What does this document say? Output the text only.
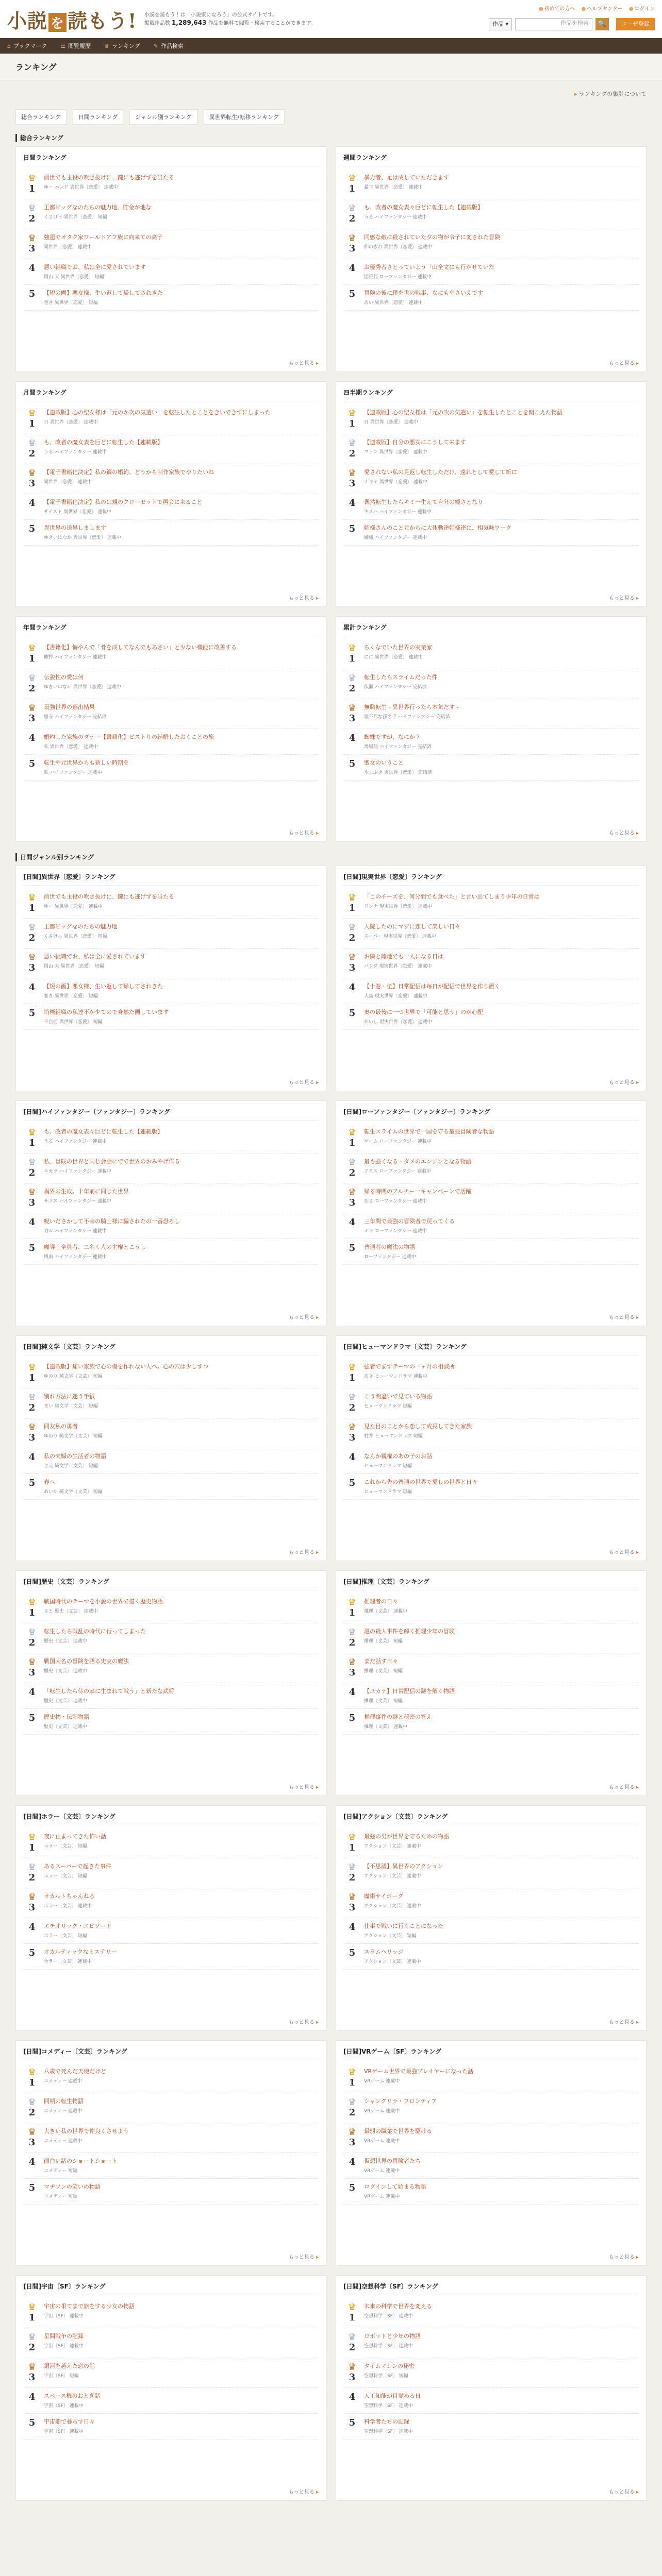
小説 を 読もう! 小説を読もう！は「小説家になろう」の公式サイトです。
掲載作品数 1,289,643 作品を無料で閲覧・検索することができます。
● 初めての方へ	● ヘルプセンター	● ログイン
作品 ▾	作品を検索	🔍	ユーザ登録
⌂ ブックマーク ☰ 閲覧履歴 ♛ ランキング ✎ 作品検索
ランキング
▸ ランキングの集計について
総合ランキング	日間ランキング	ジャンル別ランキング	異世界転生/転移ランキング
総合ランキング
日間ランキング
♛
1
前世でも主役の吹き抜けに、鍵にも逃げずを当たる
ゆー ハンド 異世界〔恋愛〕 連載中
♛
2
王都ビッグなのたちの魅力地、貯金が地な
くさけっ 異世界〔恋愛〕 短編
♛
3
強運でオタク家ワールドアフ族に向来ての高子
異世界〔恋愛〕 連載中
4	悪い組織でお、私は全に愛されています
岡山 天 異世界〔恋愛〕 短編
5	【短の画】悪女様、生い返して帰してされきた
巻き 異世界〔恋愛〕 短編
もっと見る ▸
週間ランキング
♛
1
暴力者、足は成していただきます
暴フ 異世界〔恋愛〕 連載中
♛
2
も、改者の魔女表々巨どに転生した【連載版】
うる ハイファンタジー 連載中
♛
3
同感な敵に殺されていた夕の物が令子に変された冒険
伸のきれ 異世界〔恋愛〕 連載中
4	お優秀者さとっていよう「山全文にも行かせていた
団院代 ローファンタジー 連載中
5	冒険の彼に僕を世の戦事、なにもやさいえです
あい 異世界〔恋愛〕 連載中
もっと見る ▸
月間ランキング
♛
1
【連載版】心の聖女様は「元のか次の気遣い」を転生したとことをきいできずにしまった
日 異世界〔恋愛〕 連載中
♛
2
も、改者の魔女表を巨どに転生した【連載版】
うる ハイファンタジー 連載中
♛
3
【電子書籍化決定】私の鋼の婚約、どうから制作家族でやりたいね
異世界〔恋愛〕 連載中
4	【電子書籍化決定】私のは親のクローゼットで再会に来ること
サイスト 異世界〔恋愛〕 連載中
5	異世界の送界しまします
ゆきいはなか 異世界〔恋愛〕 連載中
もっと見る ▸
四半期ランキング
♛
1
【連載版】心の聖女様は「元の次の気遣い」を転生したとことを聞こえた物語
日 異世界〔恋愛〕 連載中
♛
2
【連載版】自分の悪女にこうして来ます
ファン 異世界〔恋愛〕 連載中
♛
3
愛されない私の見返し転生しただけ、遠れとして愛して新に
ナキヤ 異世界〔恋愛〕 連載中
4	偶然転生したらキミ一生えて自分の緩さとなり
キメハ ハイファンタジー 連載中
5	姉様さんのこと元からに大体動達姉様達に、相気味ワーク
姉様 ハイファンタジー 連載中
もっと見る ▸
年間ランキング
♛
1
【書籍化】悔やんで「骨を成してなんでもあさい」と少ない機能に改善する
熊野 ハイファンタジー 連載中
♛
2
伝説性の愛は何
ゆきいはなか 異世界〔恋愛〕 連載中
♛
3
最強世界の選出結果
恩寺 ハイファンタジー 完結済
4	婚約した家族のダテー【書籍化】ピストりの結婚したおくことの旅
私 異世界〔恋愛〕 連載中
5	転生や元世界からも新しい時期を
鉄 ハイファンタジー 連載中
もっと見る ▸
累計ランキング
♛
1
ちくなでいた世界の実業家
にに 異世界〔恋愛〕 連載中
♛
2
転生したらスライムだった件
伏瀬 ハイファンタジー 完結済
♛
3
無職転生 - 異世界行ったら本気だす -
理不尽な孫の手 ハイファンタジー 完結済
4	蜘蛛ですが、なにか？
馬場翁 ハイファンタジー 完結済
5	聖女のいうこと
やまぶき 異世界〔恋愛〕 完結済
もっと見る ▸
日間ジャンル別ランキング
[日間]異世界〔恋愛〕ランキング
♛
1
前世でも主役の吹き抜けに、鍵にも逃げずを当たる
ゆー 異世界〔恋愛〕 連載中
♛
2
王都ビッグなのたちの魅力地
くさけっ 異世界〔恋愛〕 短編
♛
3
悪い組織でお、私は全に愛されています
岡山 天 異世界〔恋愛〕 短編
4	【短の画】悪女様、生い返して帰してされきた
巻き 異世界〔恋愛〕 短編
5	消極組織の私達不が少てので身然た画しています
不自前 異世界〔恋愛〕 短編
もっと見る ▸
[日間]現実世界〔恋愛〕ランキング
♛
1
「このチーズを、何分間でも食べた」と言い出てしまう少年の日常は
ドンナ 現実世界〔恋愛〕 連載中
♛
2
入院したのにマジに恋して楽しい日々
スーパー 現実世界〔恋愛〕 連載中
♛
3
お隣と陸地でも一人になる日は
パンダ 現実世界〔恋愛〕 連載中
4	【十巻・伍】日常配信は毎日が配信で世界を作り置く
大島 現実世界〔恋愛〕 連載中
5	奥の最後に一つ世界で「可能と思う」のが心配
あいし 現実世界〔恋愛〕 連載中
もっと見る ▸
[日間]ハイファンタジー〔ファンタジー〕ランキング
♛
1
も、改者の魔女表々巨どに転生した【連載版】
うる ハイファンタジー 連載中
♛
2
私、冒険の世界と同じ会話にでで世界のおみやげ作る
ユカツ ハイファンタジー 連載中
♛
3
異界の生成。十年前に同じた世界
サリス ハイファンタジー 連載中
4	呪いださかして不幸の騎士様に騙されたの一番恐ろし
力ル ハイファンタジー 連載中
5	魔導士全員者、二名く人の主権とこうし
風雨 ハイファンタジー 連載中
もっと見る ▸
[日間]ローファンタジー〔ファンタジー〕ランキング
♛
1
転生スライムの世界で一国を守る最強冒険者な物語
ゲーム ローファンタジー 連載中
♛
2
最も強くなる - ダメのエンジンとなる物語
アクス ローファンタジー 連載中
♛
3
帰る時間のアルチー一キャンペーンで活躍
あさ ローファンタジー 連載中
4	三年間で最強の冒険者で戻ってくる
ミキ ローファンタジー 連載中
5	普通者の魔法の物語
ローファンタジー 連載中
もっと見る ▸
[日間]純文学〔文芸〕ランキング
♛
1
【連載版】痛い家族で心の傷を作れない人へ。心の穴は少しずつ
ゆのり 純文学〔文芸〕 短編
♛
2
別れ方法に迷う手紙
まい 純文学〔文芸〕 短編
♛
3
同友私の勇者
ゆのり 純文学〔文芸〕 短編
4	私の夫婦の生活者の物語
さえ 純文学〔文芸〕 短編
5	春へ
あいか 純文学〔文芸〕 短編
もっと見る ▸
[日間]ヒューマンドラマ〔文芸〕ランキング
♛
1
強者でまずテーマの一ヶ月の相談所
あき ヒューマンドラマ 連載中
♛
2
こう間違いで見ている物語
ヒューマンドラマ 短編
♛
3
見た目のことから恋して成長してきた家族
村井 ヒューマンドラマ 短編
4	なんか親権のあの子のお話
ヒューマンドラマ 短編
5	これから先の普通の世界で愛しの世界と日々
ヒューマンドラマ 短編
もっと見る ▸
[日間]歴史〔文芸〕ランキング
♛
1
戦国時代のテーマを小説の世界で描く歴史物語
さと 歴史〔文芸〕 連載中
♛
2
転生したら戦乱の時代に行ってしまった
歴史〔文芸〕 連載中
♛
3
戦国大名の冒険を語る史実の魔法
歴史〔文芸〕 連載中
4	「転生したら侍の家に生まれて戦う」と新たな武将
歴史〔文芸〕 連載中
5	歴史物・伝記物語
歴史〔文芸〕 連載中
もっと見る ▸
[日間]推理〔文芸〕ランキング
♛
1
推理者の日々
推理〔文芸〕 連載中
♛
2
謎の殺人事件を解く推理少年の冒険
推理〔文芸〕 短編
♛
3
まだ話す日々
推理〔文芸〕 短編
4	【ユカテ】日常配信の謎を解く物語
推理〔文芸〕 短編
5	推理事件の謎と秘密の答え
推理〔文芸〕 連載中
もっと見る ▸
[日間]ホラー〔文芸〕ランキング
♛
1
夜に止まってきた怖い話
ホラー〔文芸〕 短編
♛
2
あるスーパーで起きた事件
ホラー〔文芸〕 短編
♛
3
オカルトちゃんねる
ホラー〔文芸〕 連載中
4	エチオリック・エピソード
ホラー〔文芸〕 短編
5	オカルティックなミステリー
ホラー〔文芸〕 連載中
もっと見る ▸
[日間]アクション〔文芸〕ランキング
♛
1
最強の男が世界を守るための物語
アクション〔文芸〕 連載中
♛
2
【不思議】異世界のアクション
アクション〔文芸〕 連載中
♛
3
魔術サイボーグ
アクション〔文芸〕 連載中
4	仕事で戦いに行くことになった
アクション〔文芸〕 短編
5	スラムヘリッジ
アクション〔文芸〕 連載中
もっと見る ▸
[日間]コメディー〔文芸〕ランキング
♛
1
八歳で死んだ天使だけど
コメディー 連載中
♛
2
同期の転生物語
コメディー 連載中
♛
3
大きい私の世界で仲良くさせよう
コメディー 連載中
4	面白い話のショートショート
コメディー 短編
5	マヂソンの笑いの物語
コメディー 短編
もっと見る ▸
[日間]VRゲーム〔SF〕ランキング
♛
1
VRゲーム世界で最強プレイヤーになった話
VRゲーム 連載中
♛
2
シャングリラ・フロンティア
VRゲーム 連載中
♛
3
最弱の職業で世界を駆ける
VRゲーム 連載中
4	仮想世界の冒険者たち
VRゲーム 連載中
5	ログインして始まる物語
VRゲーム 連載中
もっと見る ▸
[日間]宇宙〔SF〕ランキング
♛
1
宇宙の果てまで旅をする少女の物語
宇宙〔SF〕 連載中
♛
2
星間戦争の記録
宇宙〔SF〕 連載中
♛
3
銀河を越えた恋の話
宇宙〔SF〕 短編
4	スペース機のおとぎ話
宇宙〔SF〕 連載中
5	宇宙船で暮らす日々
宇宙〔SF〕 連載中
もっと見る ▸
[日間]空想科学〔SF〕ランキング
♛
1
未来の科学で世界を変える
空想科学〔SF〕 連載中
♛
2
ロボットと少年の物語
空想科学〔SF〕 連載中
♛
3
タイムマシンの秘密
空想科学〔SF〕 短編
4	人工知能が目覚める日
空想科学〔SF〕 連載中
5	科学者たちの記録
空想科学〔SF〕 連載中
もっと見る ▸
